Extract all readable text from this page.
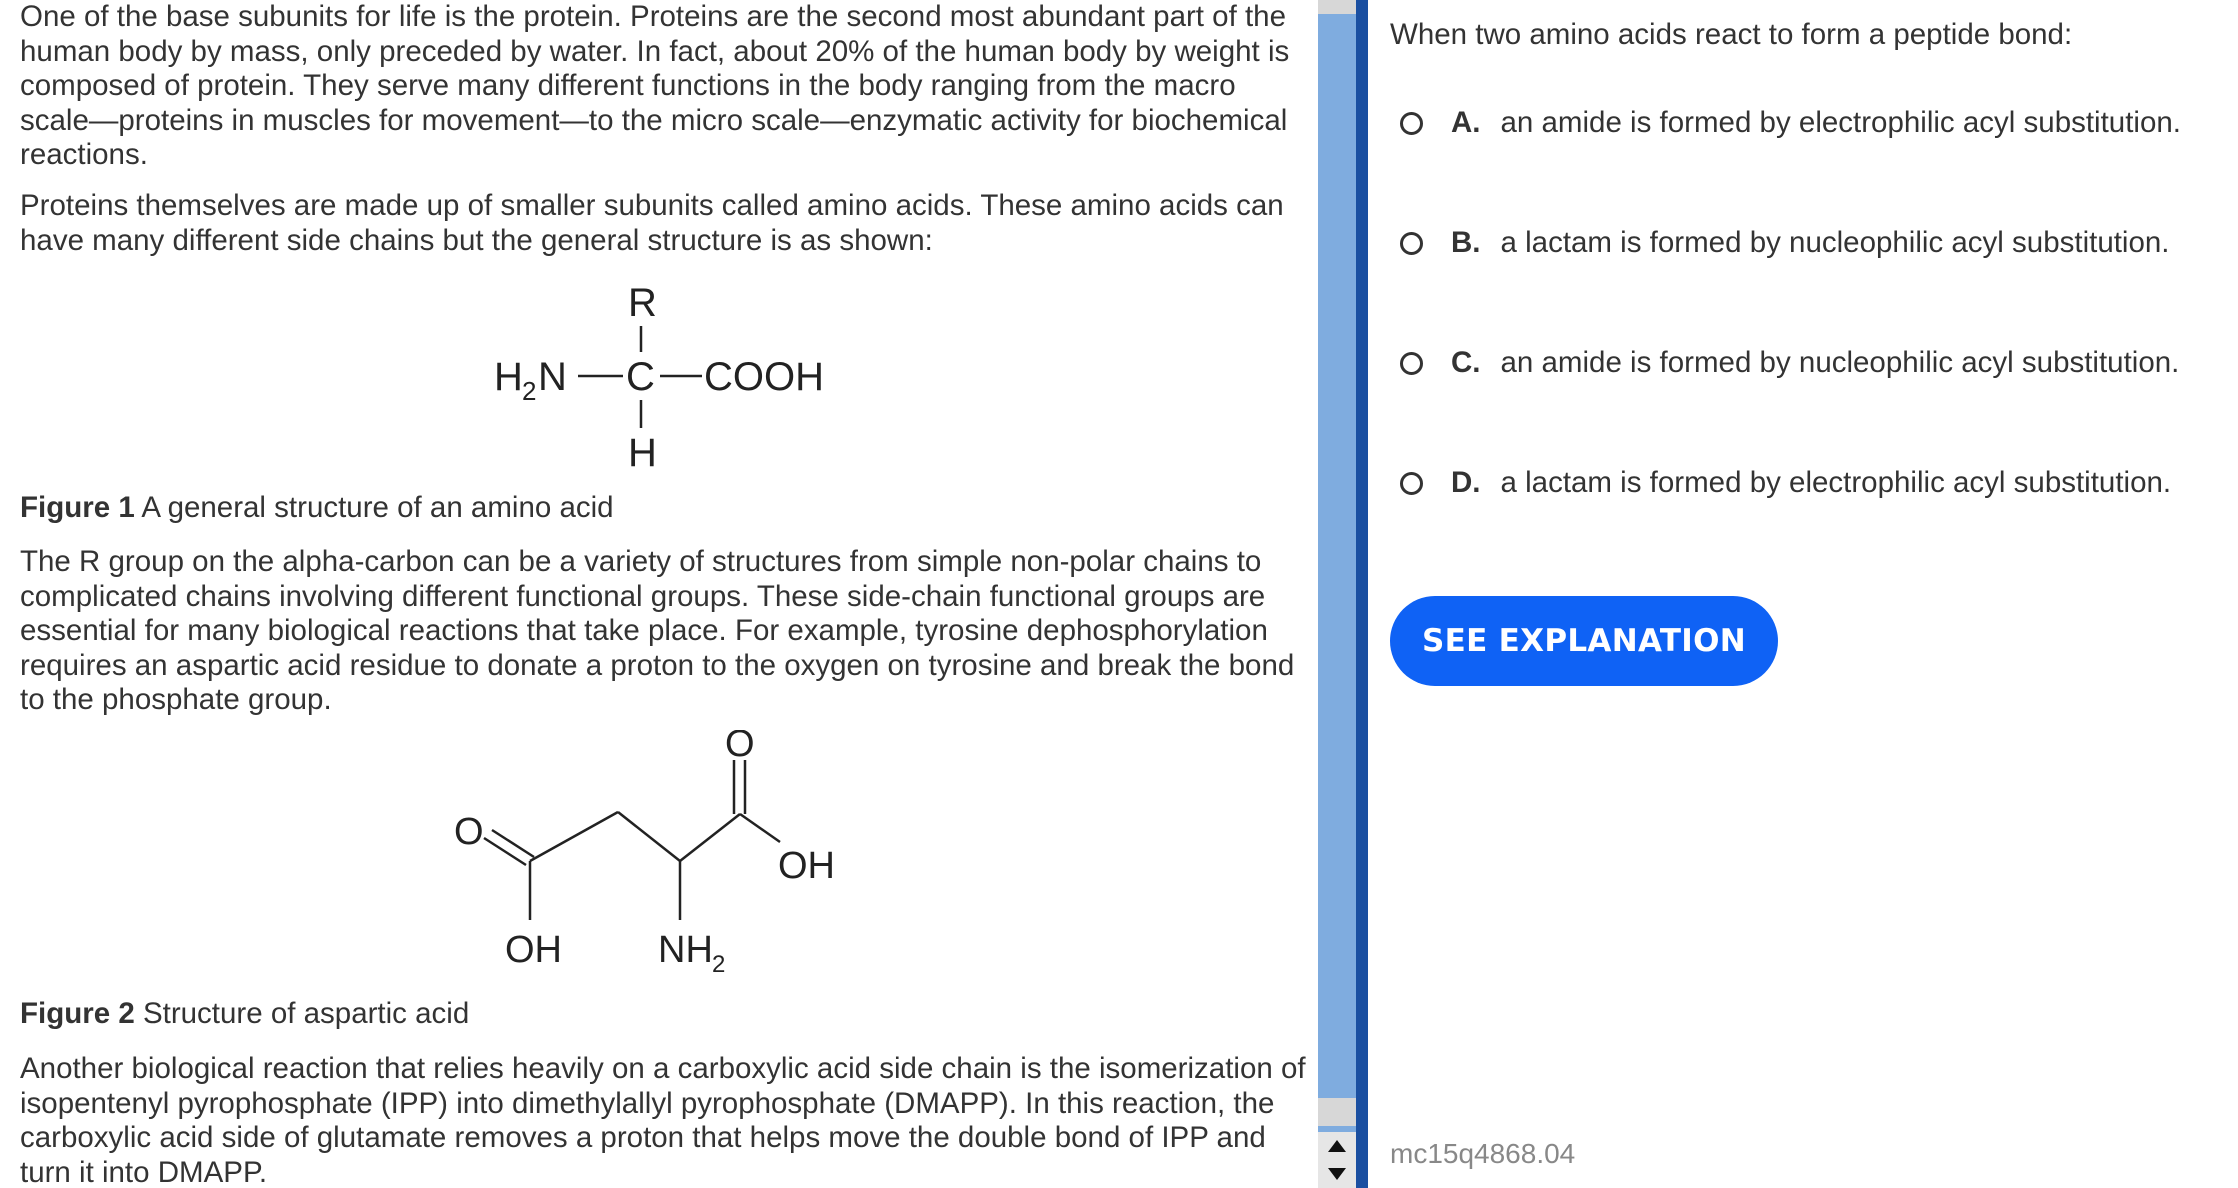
One of the base subunits for life is the protein. Proteins are the second most abundant part of the human body by mass, only preceded by water. In fact, about 20% of the human body by weight is composed of protein. They serve many different functions in the body ranging from the macro scale—proteins in muscles for movement—to the micro scale—enzymatic activity for biochemical reactions.

Proteins themselves are made up of smaller subunits called amino acids. These amino acids can have many different side chains but the general structure is as shown:

R
H 2 N C COOH
H

Figure 1 A general structure of an amino acid

The R group on the alpha-carbon can be a variety of structures from simple non-polar chains to complicated chains involving different functional groups. These side-chain functional groups are essential for many biological reactions that take place. For example, tyrosine dephosphorylation requires an aspartic acid residue to donate a proton to the oxygen on tyrosine and break the bond to the phosphate group.

O
O
OH
OH	NH 2

Figure 2 Structure of aspartic acid

Another biological reaction that relies heavily on a carboxylic acid side chain is the isomerization of isopentenyl pyrophosphate (IPP) into dimethylallyl pyrophosphate (DMAPP). In this reaction, the carboxylic acid side of glutamate removes a proton that helps move the double bond of IPP and turn it into DMAPP.

When two amino acids react to form a peptide bond:
A. an amide is formed by electrophilic acyl substitution.
B. a lactam is formed by nucleophilic acyl substitution.
C. an amide is formed by nucleophilic acyl substitution.
D. a lactam is formed by electrophilic acyl substitution.
SEE EXPLANATION
mc15q4868.04
